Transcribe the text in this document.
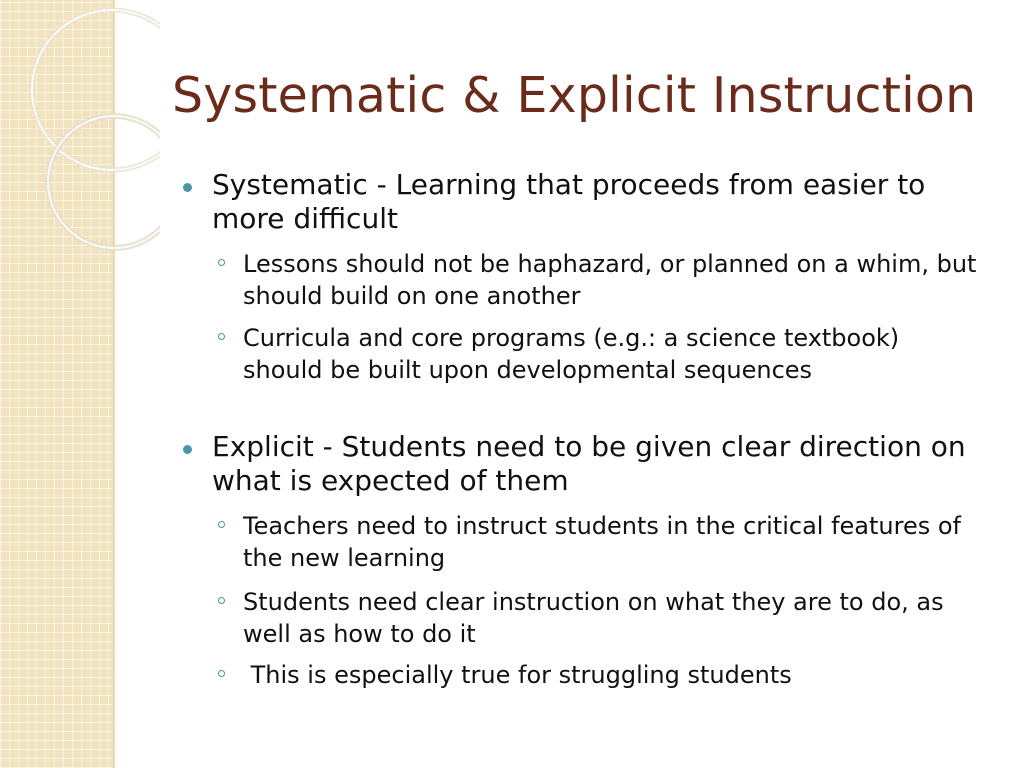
Systematic & Explicit Instruction

Systematic - Learning that proceeds from easier to more difficult

Lessons should not be haphazard, or planned on a whim, but should build on one another

Curricula and core programs (e.g.: a science textbook) should be built upon developmental sequences

Explicit - Students need to be given clear direction on what is expected of them

Teachers need to instruct students in the critical features of the new learning

Students need clear instruction on what they are to do, as well as how to do it

This is especially true for struggling students
